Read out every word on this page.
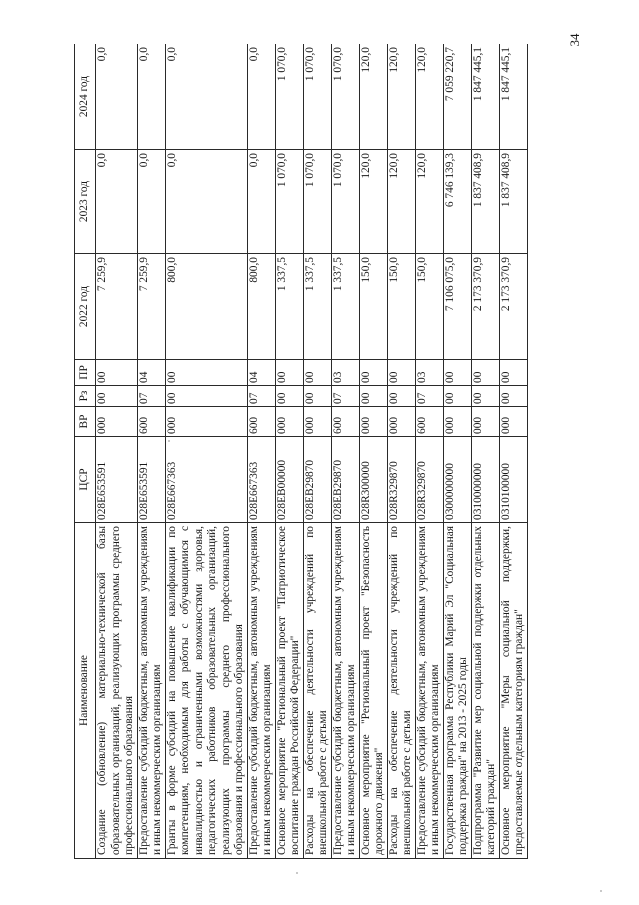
34
Наименование	ЦСР	ВР	Рз	ПР	2022 год	2023 год	2024 год
Создание (обновление) материально-технической базы образовательных организаций, реализующих программы среднего профессионального образования	028E653591	000	00	00	7 259,9	0,0	0,0
Предоставление субсидий бюджетным, автономным учреждениям и иным некоммерческим организациям	028E653591	600	07	04	7 259,9	0,0	0,0
Гранты в форме субсидий на повышение квалификации по компетенциям, необходимым для работы с обучающимися с инвалидностью и ограниченными возможностями здоровья, педагогических работников образовательных организаций, реализующих программы среднего профессионального образования и профессионального образования	028E667363	000	00	00	800,0	0,0	0,0
Предоставление субсидий бюджетным, автономным учреждениям и иным некоммерческим организациям	028E667363	600	07	04	800,0	0,0	0,0
Основное мероприятие "Региональный проект "Патриотическое воспитание граждан Российской Федерации"	028EB00000	000	00	00	1 337,5	1 070,0	1 070,0
Расходы на обеспечение деятельности учреждений по внешкольной работе с детьми	028EB29870	000	00	00	1 337,5	1 070,0	1 070,0
Предоставление субсидий бюджетным, автономным учреждениям и иным некоммерческим организациям	028EB29870	600	07	03	1 337,5	1 070,0	1 070,0
Основное мероприятие "Региональный проект "Безопасность дорожного движения"	028R300000	000	00	00	150,0	120,0	120,0
Расходы на обеспечение деятельности учреждений по внешкольной работе с детьми	028R329870	000	00	00	150,0	120,0	120,0
Предоставление субсидий бюджетным, автономным учреждениям и иным некоммерческим организациям	028R329870	600	07	03	150,0	120,0	120,0
Государственная программа Республики Марий Эл "Социальная поддержка граждан" на 2013 - 2025 годы	0300000000	000	00	00	7 106 075,0	6 746 139,3	7 059 220,7
Подпрограмма "Развитие мер социальной поддержки отдельных категорий граждан"	0310000000	000	00	00	2 173 370,9	1 837 408,9	1 847 445,1
Основное мероприятие "Меры социальной поддержки, предоставляемые отдельным категориям граждан"	0310100000	000	00	00	2 173 370,9	1 837 408,9	1 847 445,1
